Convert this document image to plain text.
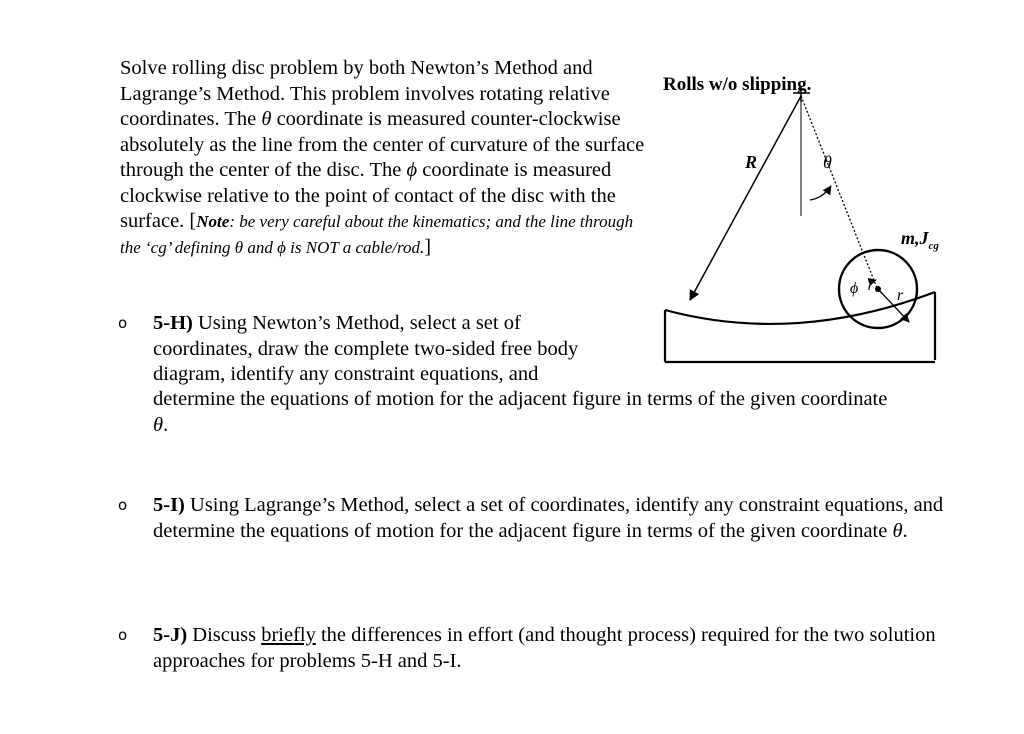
Solve rolling disc problem by both Newton’s Method and Lagrange’s Method. This problem involves rotating relative coordinates. The θ coordinate is measured counter-clockwise absolutely as the line from the center of curvature of the surface through the center of the disc. The ϕ coordinate is measured clockwise relative to the point of contact of the disc with the surface. [Note: be very careful about the kinematics; and the line through the ‘cg’ defining θ and ϕ is NOT a cable/rod.]
o 5-H) Using Newton’s Method, select a set of coordinates, draw the complete two-sided free body diagram, identify any constraint equations, and
determine the equations of motion for the adjacent figure in terms of the given coordinate
θ.
o 5-I) Using Lagrange’s Method, select a set of coordinates, identify any constraint equations, and determine the equations of motion for the adjacent figure in terms of the given coordinate θ.
o 5-J) Discuss briefly the differences in effort (and thought process) required for the two solution approaches for problems 5-H and 5-I.
Rolls w/o slipping.
R	θ
r
ϕ
$m,J_{cg}$
